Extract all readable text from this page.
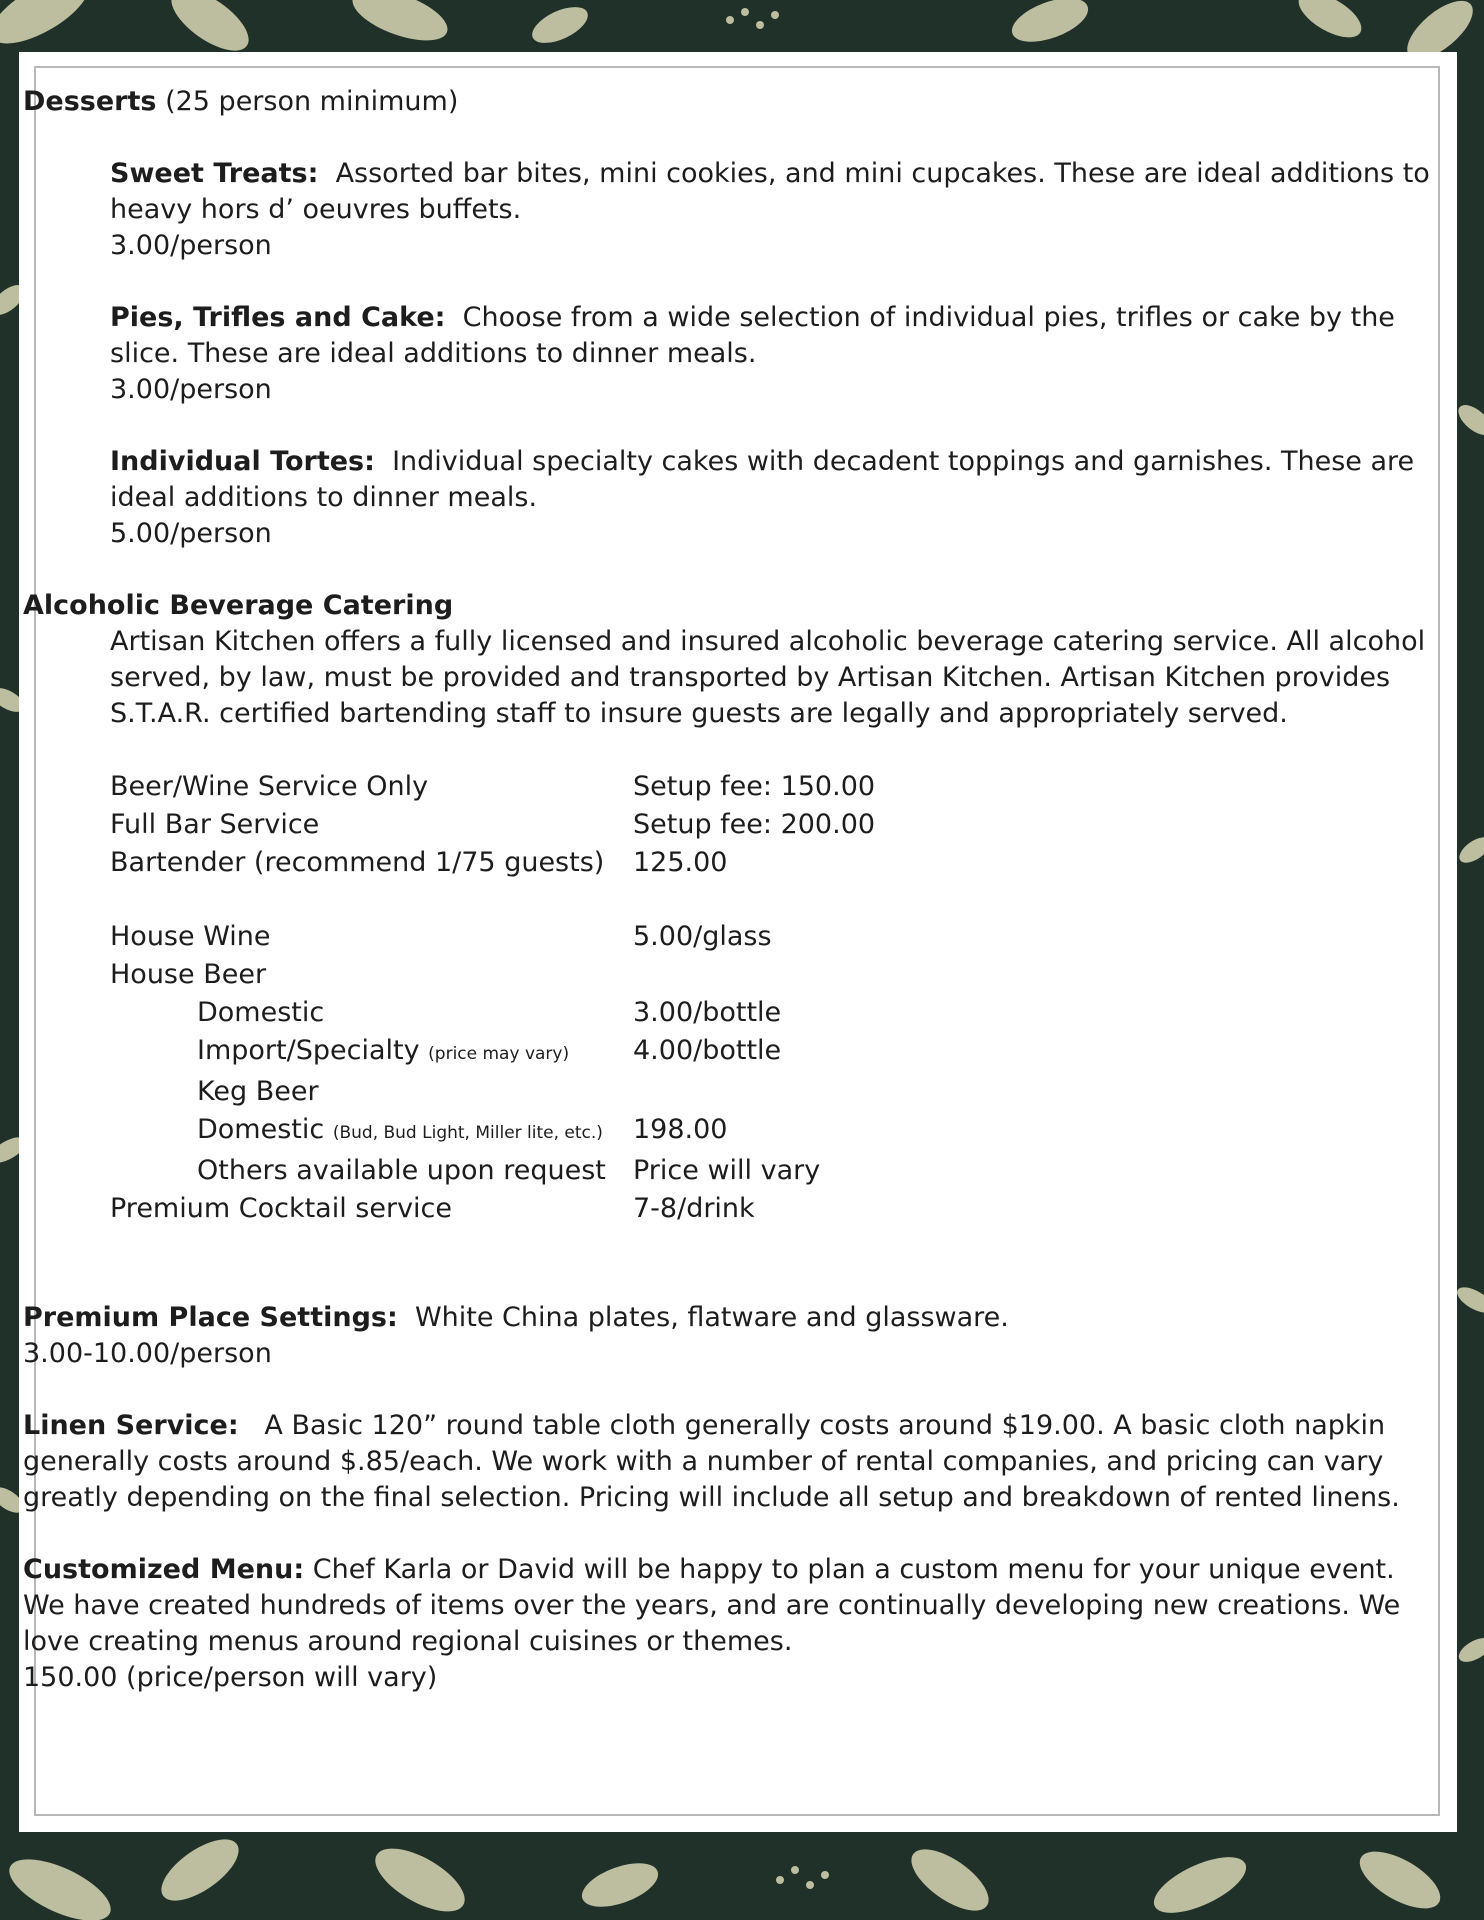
Desserts (25 person minimum)

Sweet Treats: Assorted bar bites, mini cookies, and mini cupcakes. These are ideal additions to heavy hors d’ oeuvres buffets.

3.00/person

Pies, Trifles and Cake: Choose from a wide selection of individual pies, trifles or cake by the slice. These are ideal additions to dinner meals.

3.00/person

Individual Tortes: Individual specialty cakes with decadent toppings and garnishes. These are ideal additions to dinner meals.

5.00/person

Alcoholic Beverage Catering

Artisan Kitchen offers a fully licensed and insured alcoholic beverage catering service. All alcohol served, by law, must be provided and transported by Artisan Kitchen. Artisan Kitchen provides S.T.A.R. certified bartending staff to insure guests are legally and appropriately served.

Beer/Wine Service Only	Setup fee: 150.00
Full Bar Service	Setup fee: 200.00
Bartender (recommend 1/75 guests)	125.00
House Wine	5.00/glass
House Beer
Domestic	3.00/bottle
Import/Specialty (price may vary)	4.00/bottle
Keg Beer
Domestic (Bud, Bud Light, Miller lite, etc.)	198.00
Others available upon request	Price will vary
Premium Cocktail service	7-8/drink

Premium Place Settings: White China plates, flatware and glassware.

3.00-10.00/person

Linen Service: A Basic 120” round table cloth generally costs around $19.00. A basic cloth napkin generally costs around $.85/each. We work with a number of rental companies, and pricing can vary greatly depending on the final selection. Pricing will include all setup and breakdown of rented linens.

Customized Menu: Chef Karla or David will be happy to plan a custom menu for your unique event. We have created hundreds of items over the years, and are continually developing new creations. We love creating menus around regional cuisines or themes.

150.00 (price/person will vary)
